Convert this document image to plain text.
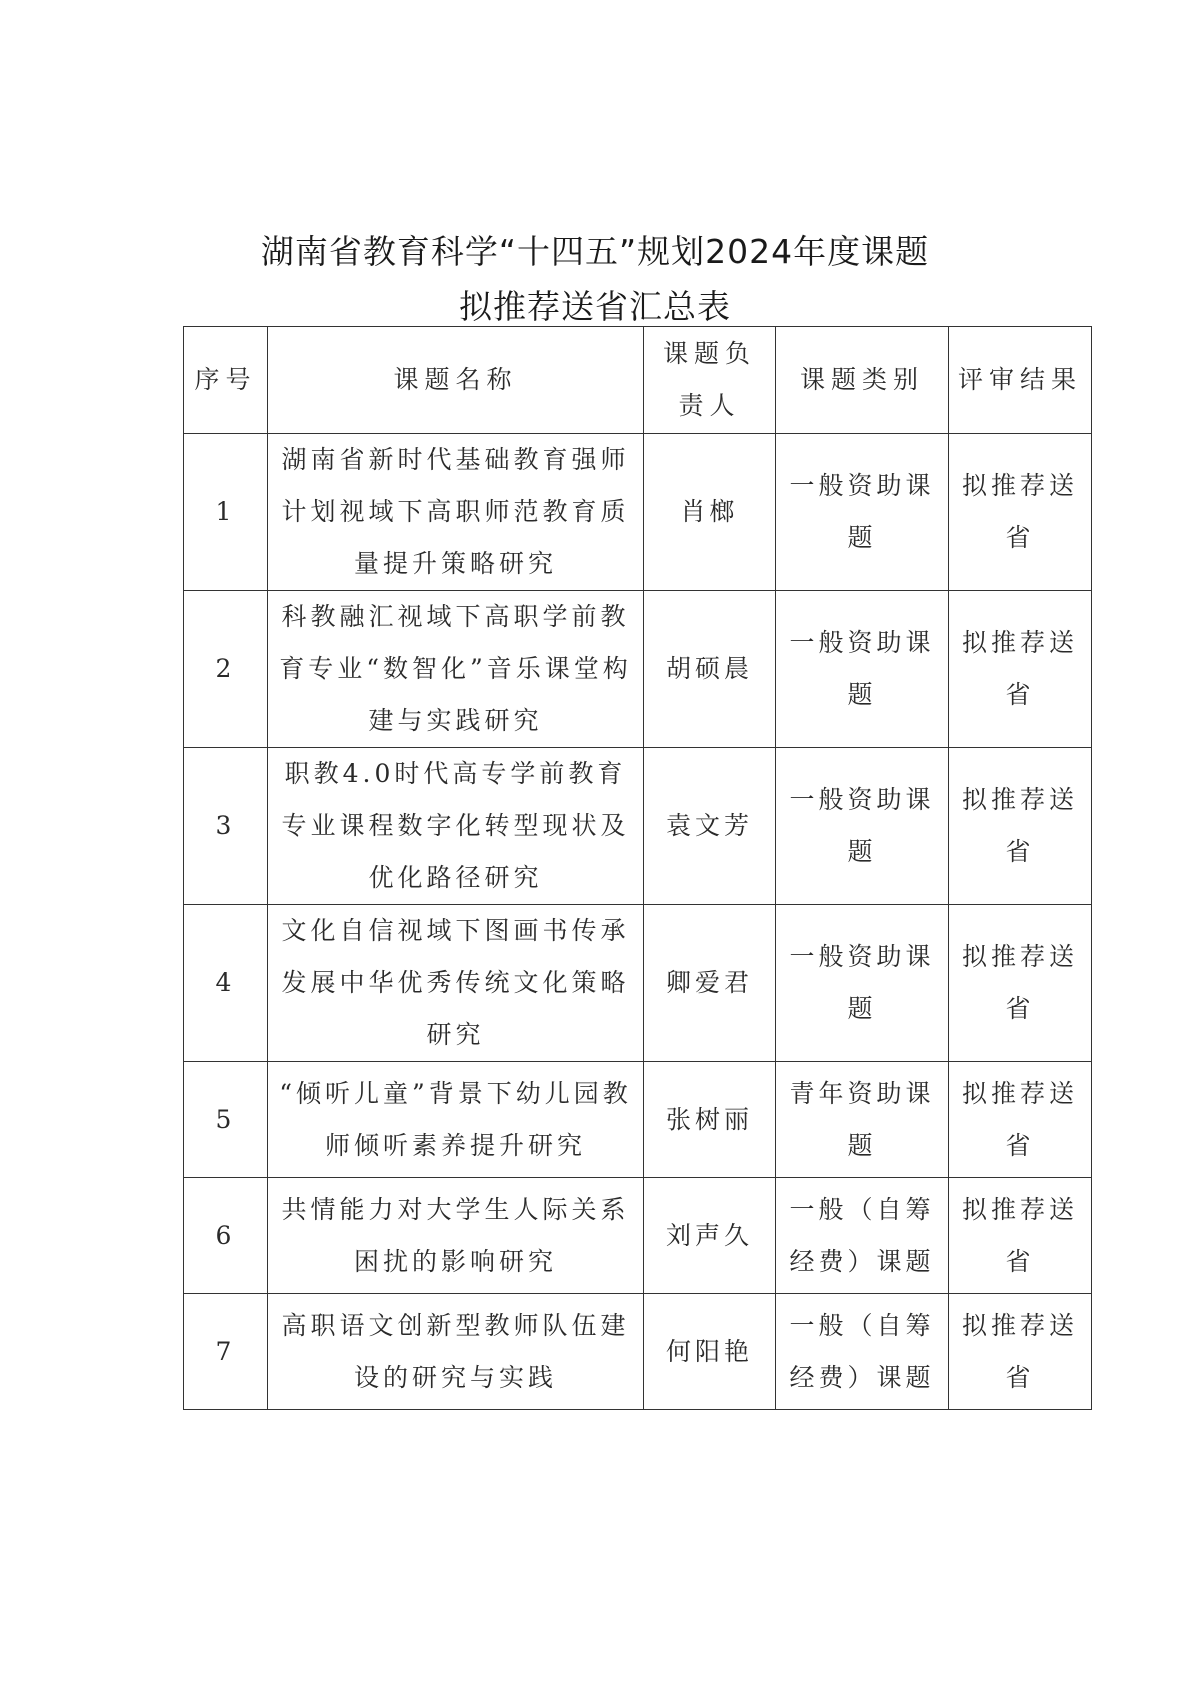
湖南省教育科学“十四五”规划2024年度课题
拟推荐送省汇总表
序号	课题名称	课题负责人	课题类别	评审结果
1	湖南省新时代基础教育强师计划视域下高职师范教育质量提升策略研究	肖榔	一般资助课题	拟推荐送省
2	科教融汇视域下高职学前教育专业“数智化”音乐课堂构建与实践研究	胡硕晨	一般资助课题	拟推荐送省
3	职教4.0时代高专学前教育专业课程数字化转型现状及优化路径研究	袁文芳	一般资助课题	拟推荐送省
4	文化自信视域下图画书传承发展中华优秀传统文化策略研究	卿爱君	一般资助课题	拟推荐送省
5	“倾听儿童”背景下幼儿园教师倾听素养提升研究	张树丽	青年资助课题	拟推荐送省
6	共情能力对大学生人际关系困扰的影响研究	刘声久	一般（自筹经费）课题	拟推荐送省
7	高职语文创新型教师队伍建设的研究与实践	何阳艳	一般（自筹经费）课题	拟推荐送省
